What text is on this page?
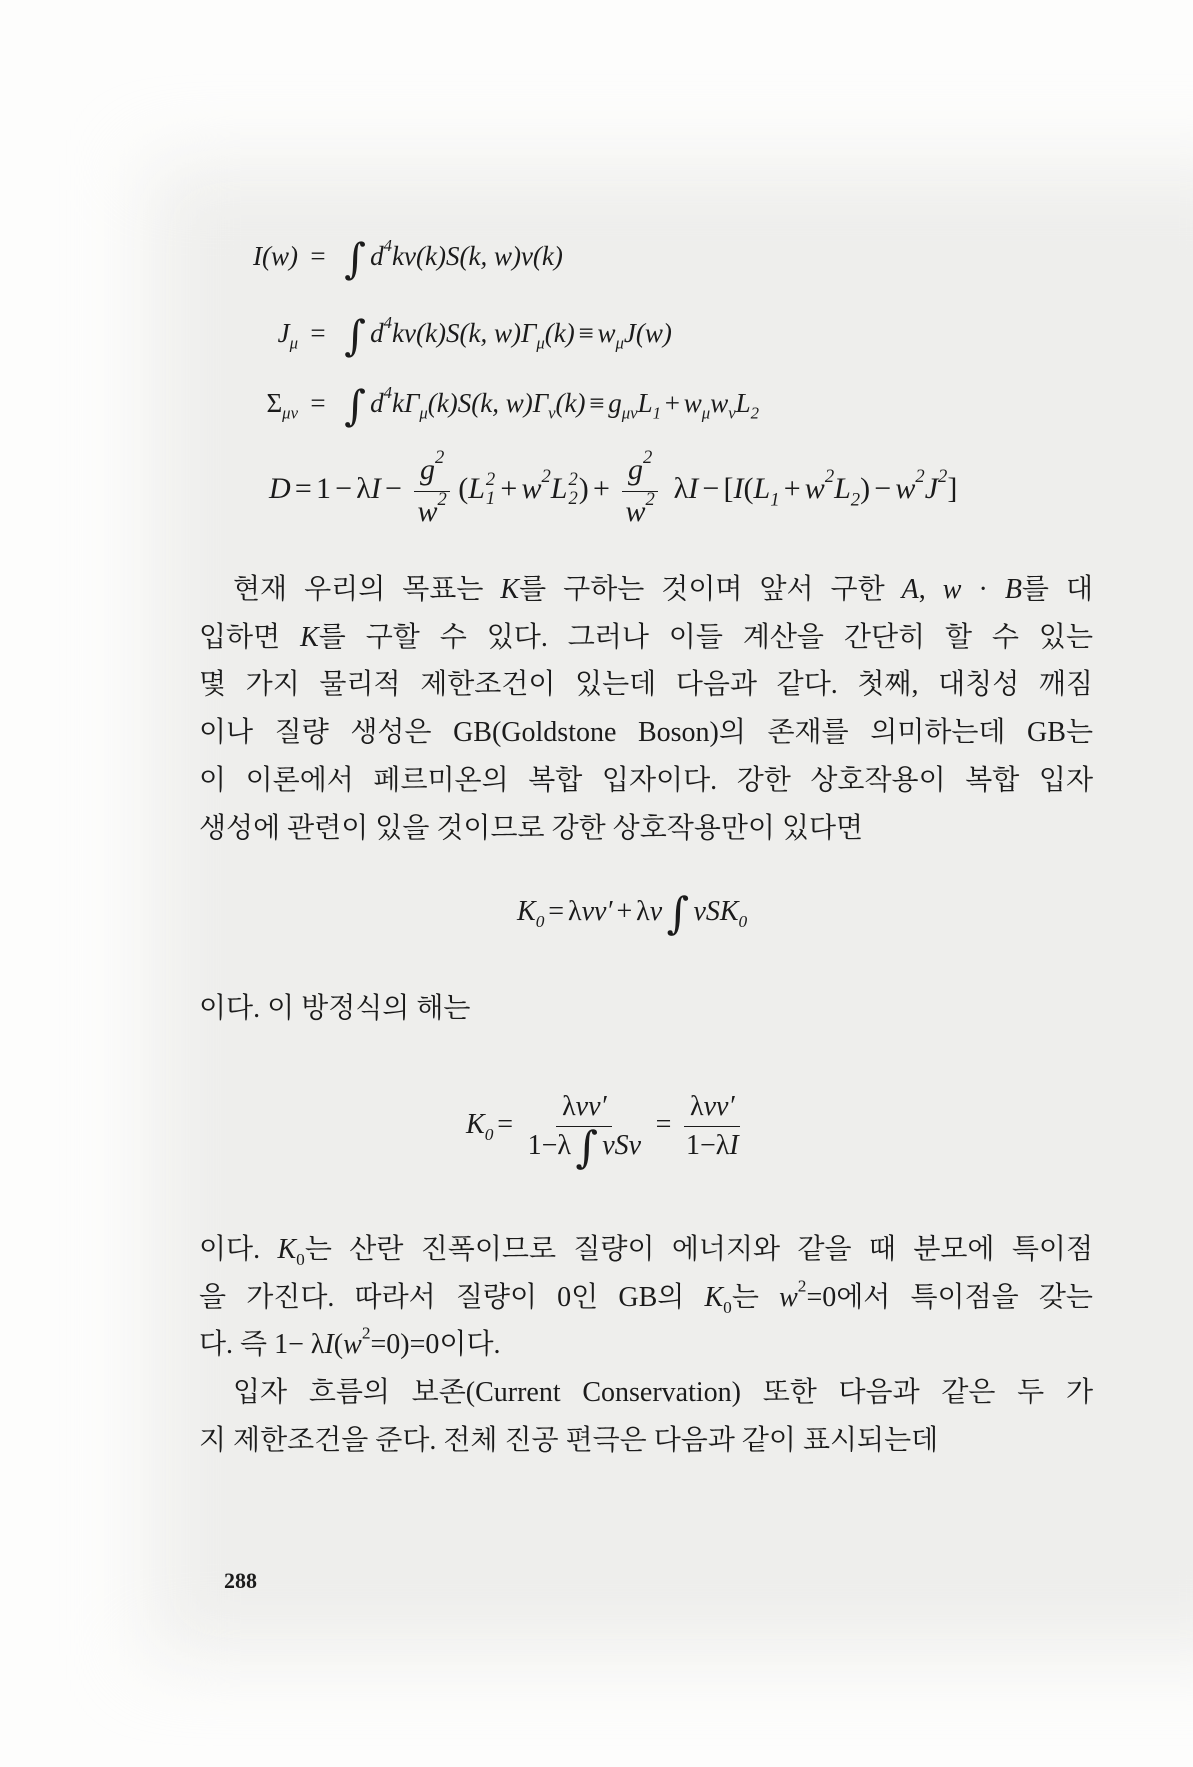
I(w) = ∫ $d^4kv(k)S(k$, w)v(k)
$J_\mu$ = ∫ $d^4kv(k)S(k$, $w)\Gamma_\mu(k) \equiv w_\mu J(w)$
$\Sigma_{\mu\nu}$ = ∫ $d^4k\Gamma_\mu(k)S(k$, $w)\Gamma_\nu(k) \equiv g_{\mu\nu}L_1 + w_\mu w_\nu L_2$
$D = 1 - \lambda I - \frac{g^2}{w^2} (L$ 2
$1 + w^2L$ 2
2 ) + $\frac{g^2}{w^2}$ $\lambda I - [I(L_1 + w^2L_2) - w^2J^2]$
현재 우리의 목표는 K를 구하는 것이며 앞서 구한 A, w · B를 대
입하면 K를 구할 수 있다. 그러나 이들 계산을 간단히 할 수 있는
몇 가지 물리적 제한조건이 있는데 다음과 같다. 첫째, 대칭성 깨짐
이나 질량 생성은 GB(Goldstone Boson)의 존재를 의미하는데 GB는
이 이론에서 페르미온의 복합 입자이다. 강한 상호작용이 복합 입자
생성에 관련이 있을 것이므로 강한 상호작용만이 있다면
$K_0 = \lambda vv' + \lambda v\int$ vSK$_0$
이다. 이 방정식의 해는
$K_0 = \frac{\text{λvv′}}{\text{1−λ∫ vSv}} = \frac{\text{λvv′}}{1-\lambda I}$
이다. $K_0$는 산란 진폭이므로 질량이 에너지와 같을 때 분모에 특이점
을 가진다. 따라서 질량이 0인 GB의 $K_0$는 $w^2=0$에서 특이점을 갖는
다. 즉 $1- \lambda I(w^2=0)=0$이다.
입자 흐름의 보존(Current Conservation) 또한 다음과 같은 두 가
지 제한조건을 준다. 전체 진공 편극은 다음과 같이 표시되는데
288
